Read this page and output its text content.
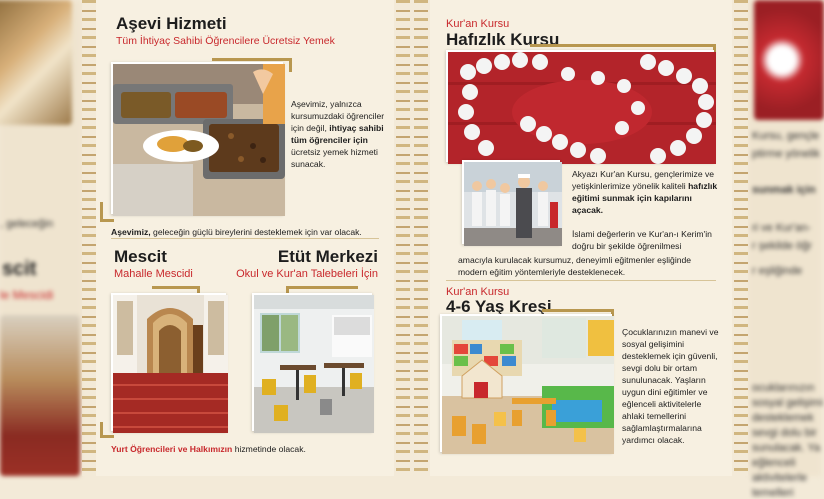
, geleceğin
scit
le Mescidi
Kursu, gençle
ptirme yönelik
sunmak için
ri ve Kur'an-
r şekilde öğr
r eşliğinde
ocuklarınızın
sosyal gelişimi
desteklemek
sevgi dolu bir
sunulacak. Ya
eğlenceli
aktivitelerle
temelleri
Aşevi Hizmeti
Tüm İhtiyaç Sahibi Öğrencilere Ücretsiz Yemek
Aşevimiz, yalnızca kursumuzdaki öğrenciler için değil, ihtiyaç sahibi tüm öğrenciler için ücretsiz yemek hizmeti sunacak.
Aşevimiz, geleceğin güçlü bireylerini desteklemek için var olacak.
Mescit
Mahalle Mescidi
Etüt Merkezi
Okul ve Kur'an Talebeleri İçin
Yurt Öğrencileri ve Halkımızın hizmetinde olacak.
Kur'an Kursu
Hafızlık Kursu
Akyazı Kur'an Kursu, gençlerimize ve yetişkinlerimize yönelik kaliteli hafızlık eğitimi sunmak için kapılarını açacak.
İslami değerlerin ve Kur'an-ı Kerim'in doğru bir şekilde öğrenilmesi
amacıyla kurulacak kursumuz, deneyimli eğitmenler eşliğinde modern eğitim yöntemleriyle desteklenecek.
Kur'an Kursu
4-6 Yaş Kreşi
Çocuklarınızın manevi ve sosyal gelişimini desteklemek için güvenli, sevgi dolu bir ortam sunulunacak. Yaşların uygun dini eğitimler ve eğlenceli aktivitelerle ahlaki temellerini sağlamlaştırmalarına yardımcı olacak.
